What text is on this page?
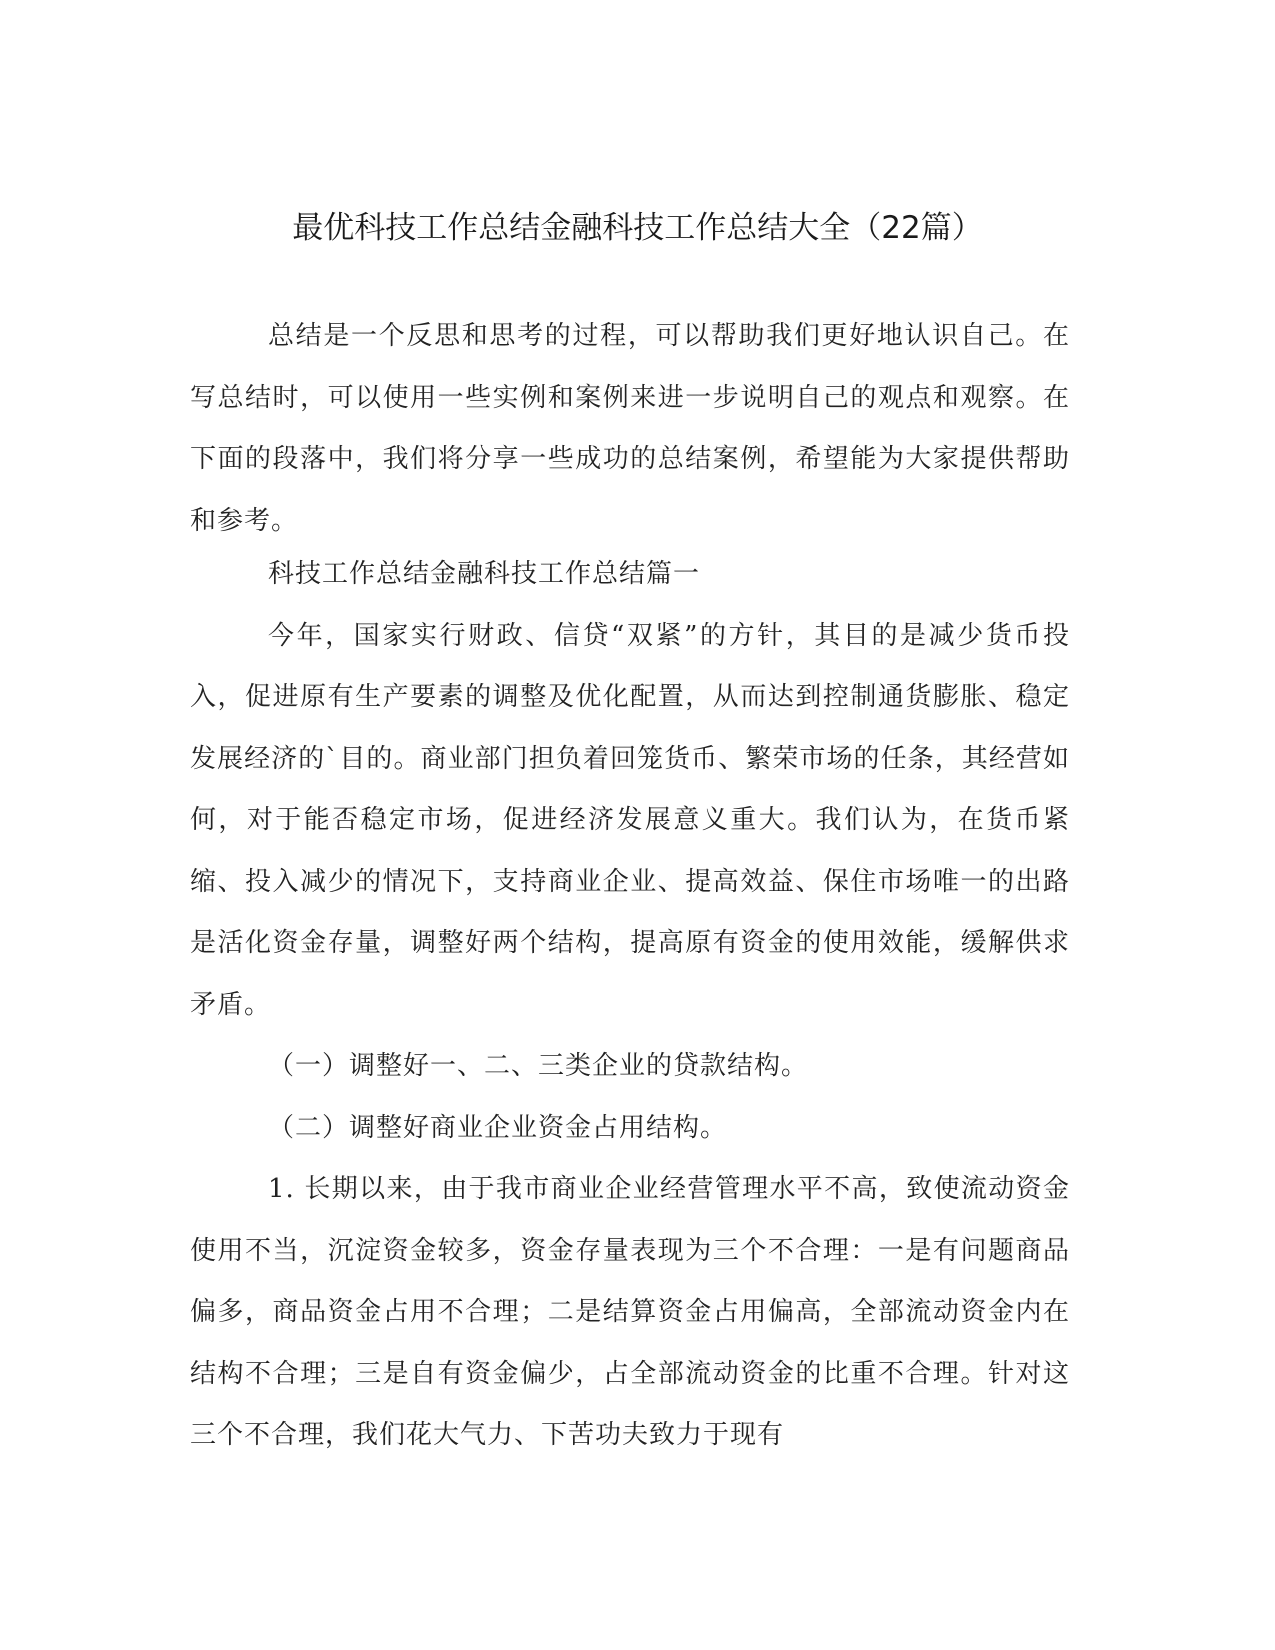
最优科技工作总结金融科技工作总结大全（22篇）

总结是一个反思和思考的过程，可以帮助我们更好地认识自己。在写总结时，可以使用一些实例和案例来进一步说明自己的观点和观察。在下面的段落中，我们将分享一些成功的总结案例，希望能为大家提供帮助和参考。

科技工作总结金融科技工作总结篇一

今年，国家实行财政、信贷“双紧”的方针，其目的是减少货币投入，促进原有生产要素的调整及优化配置，从而达到控制通货膨胀、稳定发展经济的`目的。商业部门担负着回笼货币、繁荣市场的任条，其经营如何，对于能否稳定市场，促进经济发展意义重大。我们认为，在货币紧缩、投入减少的情况下，支持商业企业、提高效益、保住市场唯一的出路是活化资金存量，调整好两个结构，提高原有资金的使用效能，缓解供求矛盾。

（一）调整好一、二、三类企业的贷款结构。

（二）调整好商业企业资金占用结构。

1. 长期以来，由于我市商业企业经营管理水平不高，致使流动资金使用不当，沉淀资金较多，资金存量表现为三个不合理：一是有问题商品偏多，商品资金占用不合理；二是结算资金占用偏高，全部流动资金内在结构不合理；三是自有资金偏少，占全部流动资金的比重不合理。针对这三个不合理，我们花大气力、下苦功夫致力于现有
